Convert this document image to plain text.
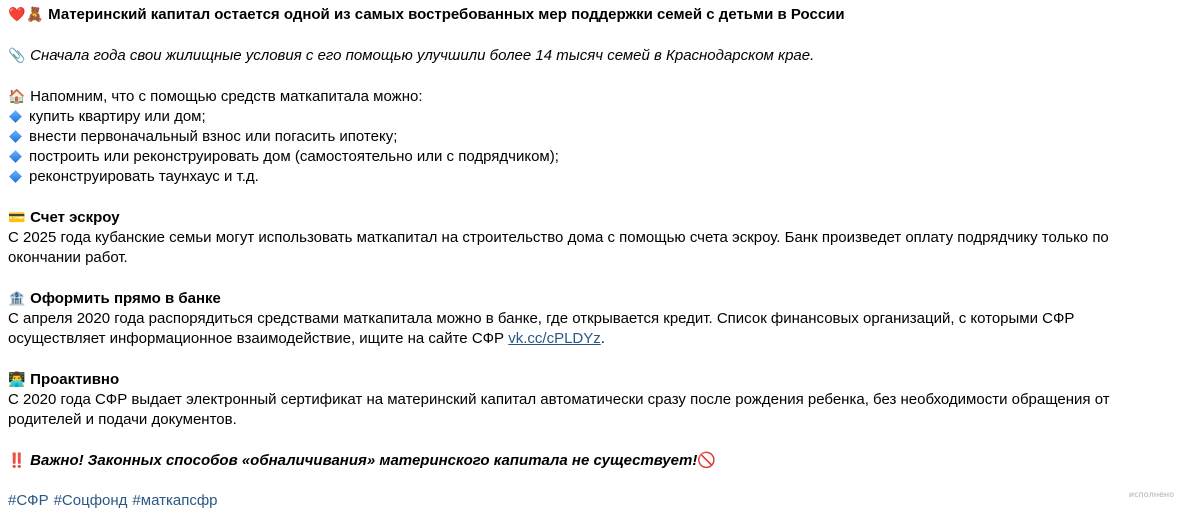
❤️🧸 Материнский капитал остается одной из самых востребованных мер поддержки семей с детьми в России
📎 Сначала года свои жилищные условия с его помощью улучшили более 14 тысяч семей в Краснодарском крае.
🏠 Напомним, что с помощью средств маткапитала можно:
купить квартиру или дом;
внести первоначальный взнос или погасить ипотеку;
построить или реконструировать дом (самостоятельно или с подрядчиком);
реконструировать таунхаус и т.д.
💳 Счет эскроу
С 2025 года кубанские семьи могут использовать маткапитал на строительство дома с помощью счета эскроу. Банк произведет оплату подрядчику только по окончании работ.
🏦 Оформить прямо в банке
С апреля 2020 года распорядиться средствами маткапитала можно в банке, где открывается кредит. Список финансовых организаций, с которыми СФР осуществляет информационное взаимодействие, ищите на сайте СФР vk.cc/cPLDYz.
👨‍💻 Проактивно
С 2020 года СФР выдает электронный сертификат на материнский капитал автоматически сразу после рождения ребенка, без необходимости обращения от родителей и подачи документов.
‼️ Важно! Законных способов «обналичивания» материнского капитала не существует!🚫
#СФР #Соцфонд #маткапсфр	исполнено
